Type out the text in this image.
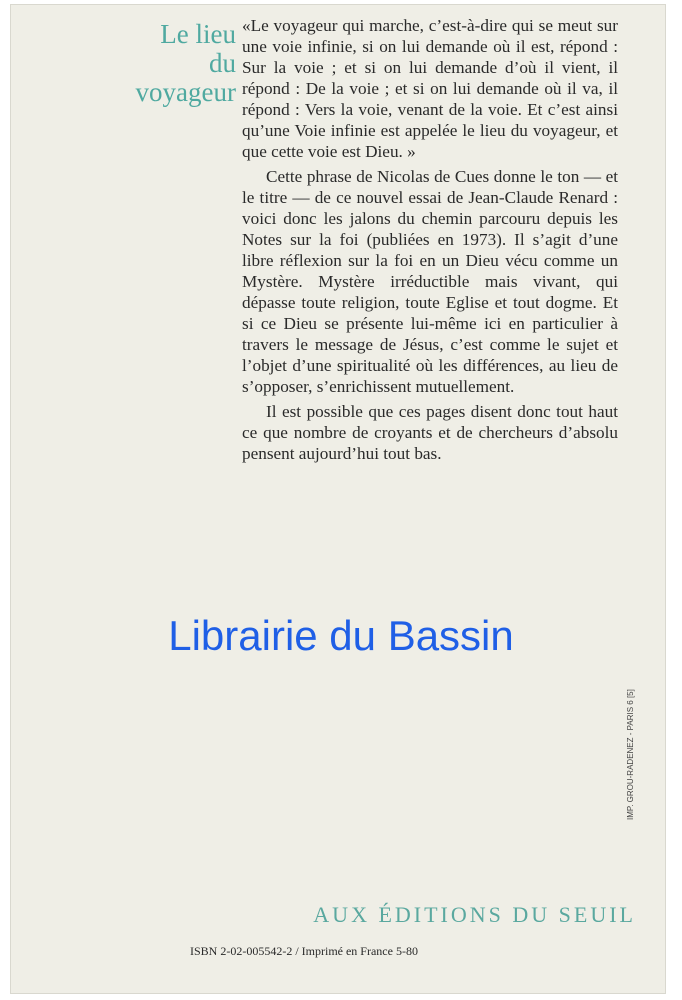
Le lieu
du voyageur

«Le voyageur qui marche, c’est-à-dire qui se meut sur une voie infinie, si on lui demande où il est, répond : Sur la voie ; et si on lui demande d’où il vient, il répond : De la voie ; et si on lui demande où il va, il répond : Vers la voie, venant de la voie. Et c’est ainsi qu’une Voie infinie est appelée le lieu du voyageur, et que cette voie est Dieu. »

Cette phrase de Nicolas de Cues donne le ton — et le titre — de ce nouvel essai de Jean-Claude Renard : voici donc les jalons du chemin parcouru depuis les Notes sur la foi (publiées en 1973). Il s’agit d’une libre réflexion sur la foi en un Dieu vécu comme un Mystère. Mystère irréductible mais vivant, qui dépasse toute religion, toute Eglise et tout dogme. Et si ce Dieu se présente lui-même ici en particulier à travers le message de Jésus, c’est comme le sujet et l’objet d’une spiritualité où les différences, au lieu de s’opposer, s’enrichissent mutuellement.

Il est possible que ces pages disent donc tout haut ce que nombre de croyants et de chercheurs d’absolu pensent aujourd’hui tout bas.

Librairie du Bassin
AUX ÉDITIONS DU SEUIL
ISBN 2-02-005542-2 / Imprimé en France 5-80
IMP. GROU-RADENEZ - PARIS 6 [5]
